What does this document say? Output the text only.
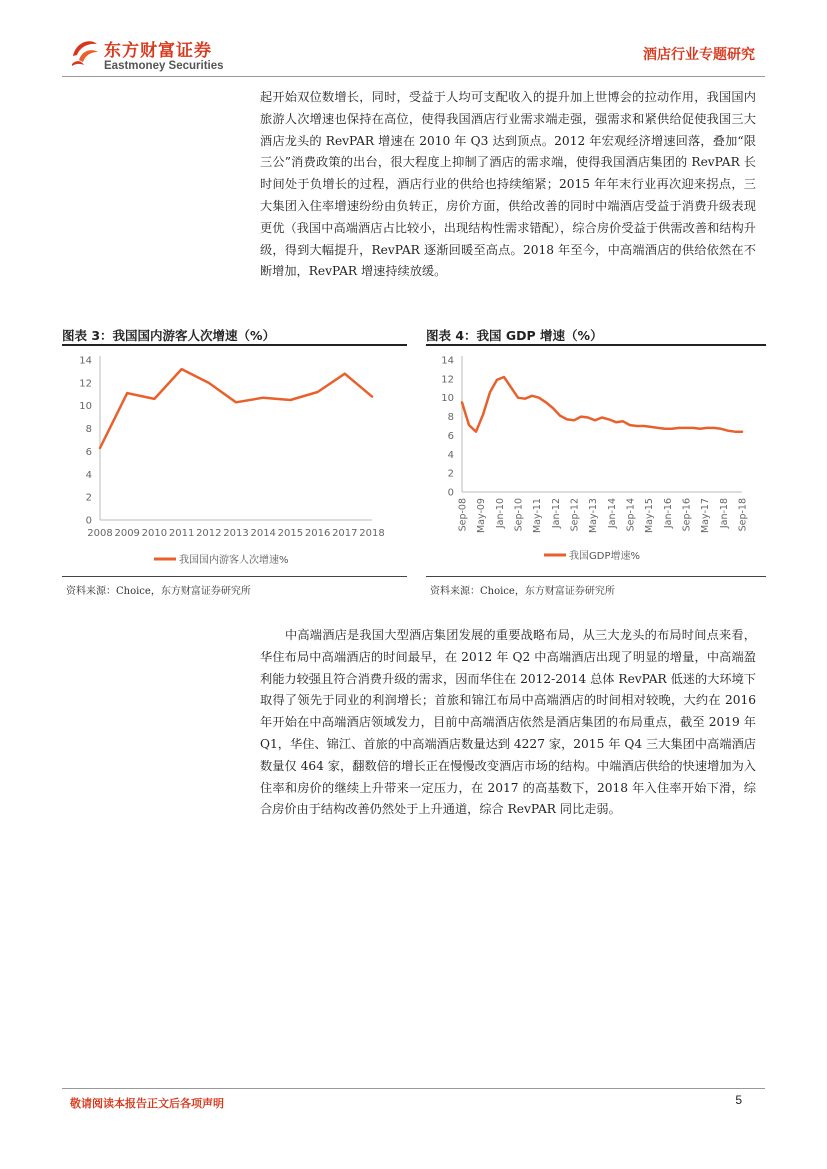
东方财富证券
Eastmoney Securities
酒店行业专题研究

起开始双位数增长，同时，受益于人均可支配收入的提升加上世博会的拉动作用，我国国内旅游人次增速也保持在高位，使得我国酒店行业需求端走强，强需求和紧供给促使我国三大酒店龙头的 RevPAR 增速在 2010 年 Q3 达到顶点。2012 年宏观经济增速回落，叠加“限三公”消费政策的出台，很大程度上抑制了酒店的需求端，使得我国酒店集团的 RevPAR 长时间处于负增长的过程，酒店行业的供给也持续缩紧；2015 年年末行业再次迎来拐点，三大集团入住率增速纷纷由负转正，房价方面，供给改善的同时中端酒店受益于消费升级表现更优（我国中高端酒店占比较小，出现结构性需求错配），综合房价受益于供需改善和结构升级，得到大幅提升，RevPAR 逐渐回暖至高点。2018 年至今，中高端酒店的供给依然在不断增加，RevPAR 增速持续放缓。

图表 3：我国国内游客人次增速（%）
0
2
4
6
8
10
12
14
2008 2009 2010 2011 2012 2013 2014 2015 2016 2017 2018
我国国内游客人次增速%
资料来源：Choice，东方财富证券研究所
图表 4：我国 GDP 增速（%）
0
2
4
6
8
10
12
14
Sep-08 May-09 Jan-10 Sep-10 May-11 Jan-12 Sep-12 May-13 Jan-14 Sep-14 May-15 Jan-16 Sep-16 May-17 Jan-18 Sep-18
我国GDP增速%
资料来源：Choice，东方财富证券研究所

中高端酒店是我国大型酒店集团发展的重要战略布局，从三大龙头的布局时间点来看，华住布局中高端酒店的时间最早，在 2012 年 Q2 中高端酒店出现了明显的增量，中高端盈利能力较强且符合消费升级的需求，因而华住在 2012-2014 总体 RevPAR 低迷的大环境下取得了领先于同业的利润增长；首旅和锦江布局中高端酒店的时间相对较晚，大约在 2016 年开始在中高端酒店领域发力，目前中高端酒店依然是酒店集团的布局重点，截至 2019 年 Q1，华住、锦江、首旅的中高端酒店数量达到 4227 家，2015 年 Q4 三大集团中高端酒店数量仅 464 家，翻数倍的增长正在慢慢改变酒店市场的结构。中端酒店供给的快速增加为入住率和房价的继续上升带来一定压力，在 2017 的高基数下，2018 年入住率开始下滑，综合房价由于结构改善仍然处于上升通道，综合 RevPAR 同比走弱。

敬请阅读本报告正文后各项声明	5
